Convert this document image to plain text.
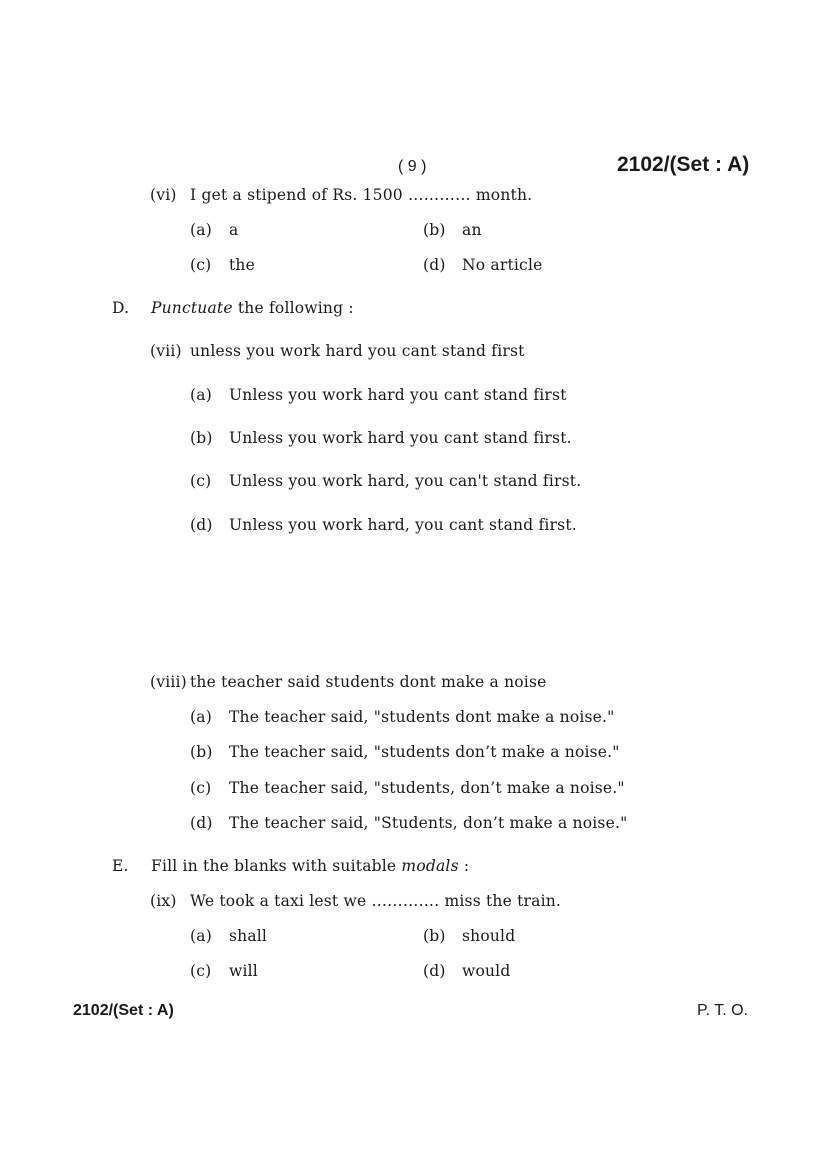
( 9 )	2102/(Set : A)
(vi) I get a stipend of Rs. 1500 ………… month.
(a) a	(b) an
(c) the	(d) No article
D. Punctuate the following :
(vii) unless you work hard you cant stand first
(a) Unless you work hard you cant stand first
(b) Unless you work hard you cant stand first.
(c) Unless you work hard, you can't stand first.
(d) Unless you work hard, you cant stand first.
(viii) the teacher said students dont make a noise
(a) The teacher said, "students dont make a noise."
(b) The teacher said, "students don’t make a noise."
(c) The teacher said, "students, don’t make a noise."
(d) The teacher said, "Students, don’t make a noise."
E. Fill in the blanks with suitable modals :
(ix) We took a taxi lest we …………. miss the train.
(a) shall	(b) should
(c) will	(d) would
2102/(Set : A)	P. T. O.
